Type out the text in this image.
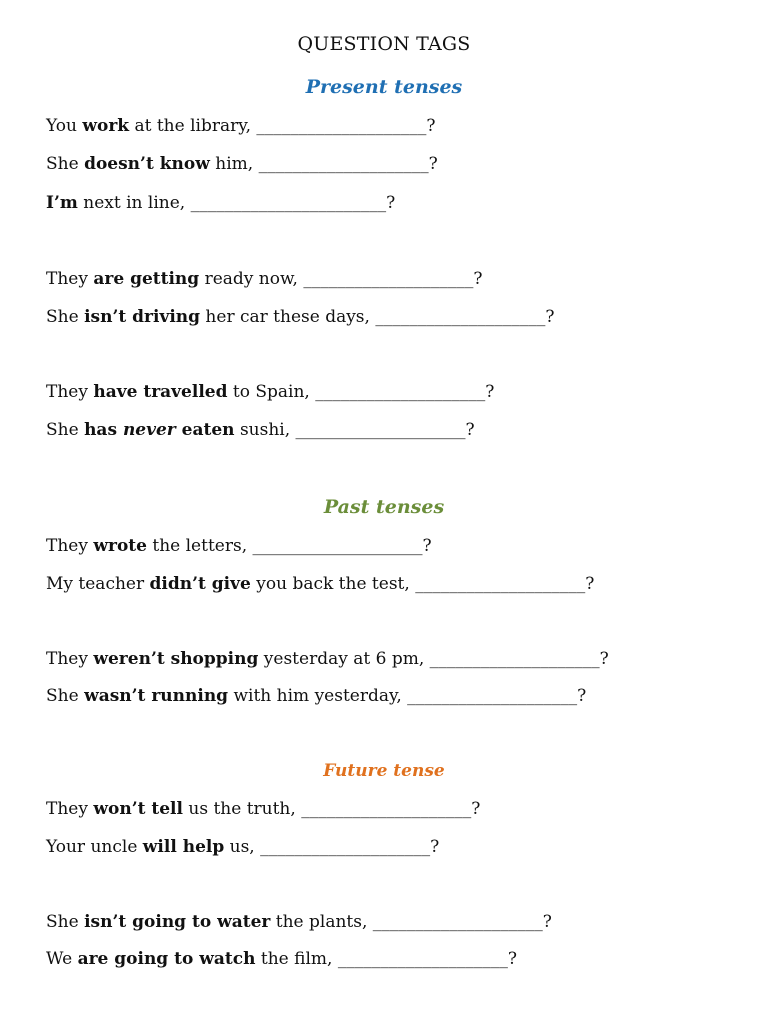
QUESTION TAGS
Present tenses
You work at the library, ____________________?
She doesn’t know him, ____________________?
I’m next in line, _______________________?
They are getting ready now, ____________________?
She isn’t driving her car these days, ____________________?
They have travelled to Spain, ____________________?
She has never eaten sushi, ____________________?
Past tenses
They wrote the letters, ____________________?
My teacher didn’t give you back the test, ____________________?
They weren’t shopping yesterday at 6 pm, ____________________?
She wasn’t running with him yesterday, ____________________?
Future tense
They won’t tell us the truth, ____________________?
Your uncle will help us, ____________________?
She isn’t going to water the plants, ____________________?
We are going to watch the film, ____________________?
